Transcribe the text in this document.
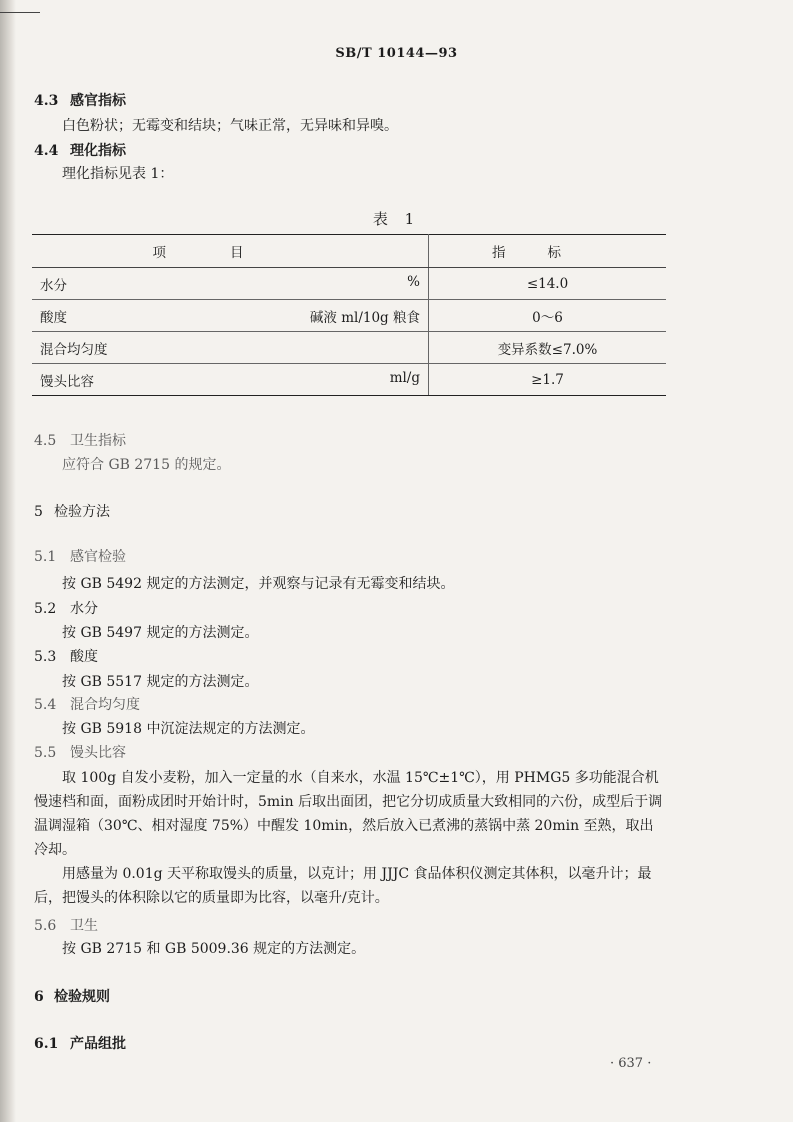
SB/T 10144—93
4.3 感官指标
白色粉状；无霉变和结块；气味正常，无异味和异嗅。
4.4 理化指标
理化指标见表 1：
表 1
项目	指标

水分 %	≤14.0

酸度 碱液 ml/10g 粮食	0～6

混合均匀度	变异系数≤7.0%

馒头比容 ml/g	≥1.7
4.5 卫生指标
应符合 GB 2715 的规定。
5 检验方法
5.1 感官检验
按 GB 5492 规定的方法测定，并观察与记录有无霉变和结块。
5.2 水分
按 GB 5497 规定的方法测定。
5.3 酸度
按 GB 5517 规定的方法测定。
5.4 混合均匀度
按 GB 5918 中沉淀法规定的方法测定。
5.5 馒头比容
取 100g 自发小麦粉，加入一定量的水（自来水，水温 15℃±1℃），用 PHMG5 多功能混合机慢速档和面，面粉成团时开始计时，5min 后取出面团，把它分切成质量大致相同的六份，成型后于调温调湿箱（30℃、相对湿度 75%）中醒发 10min，然后放入已煮沸的蒸锅中蒸 20min 至熟，取出冷却。
用感量为 0.01g 天平称取馒头的质量，以克计；用 JJJC 食品体积仪测定其体积，以毫升计；最后，把馒头的体积除以它的质量即为比容，以毫升/克计。
5.6 卫生
按 GB 2715 和 GB 5009.36 规定的方法测定。
6 检验规则
6.1 产品组批
· 637 ·
